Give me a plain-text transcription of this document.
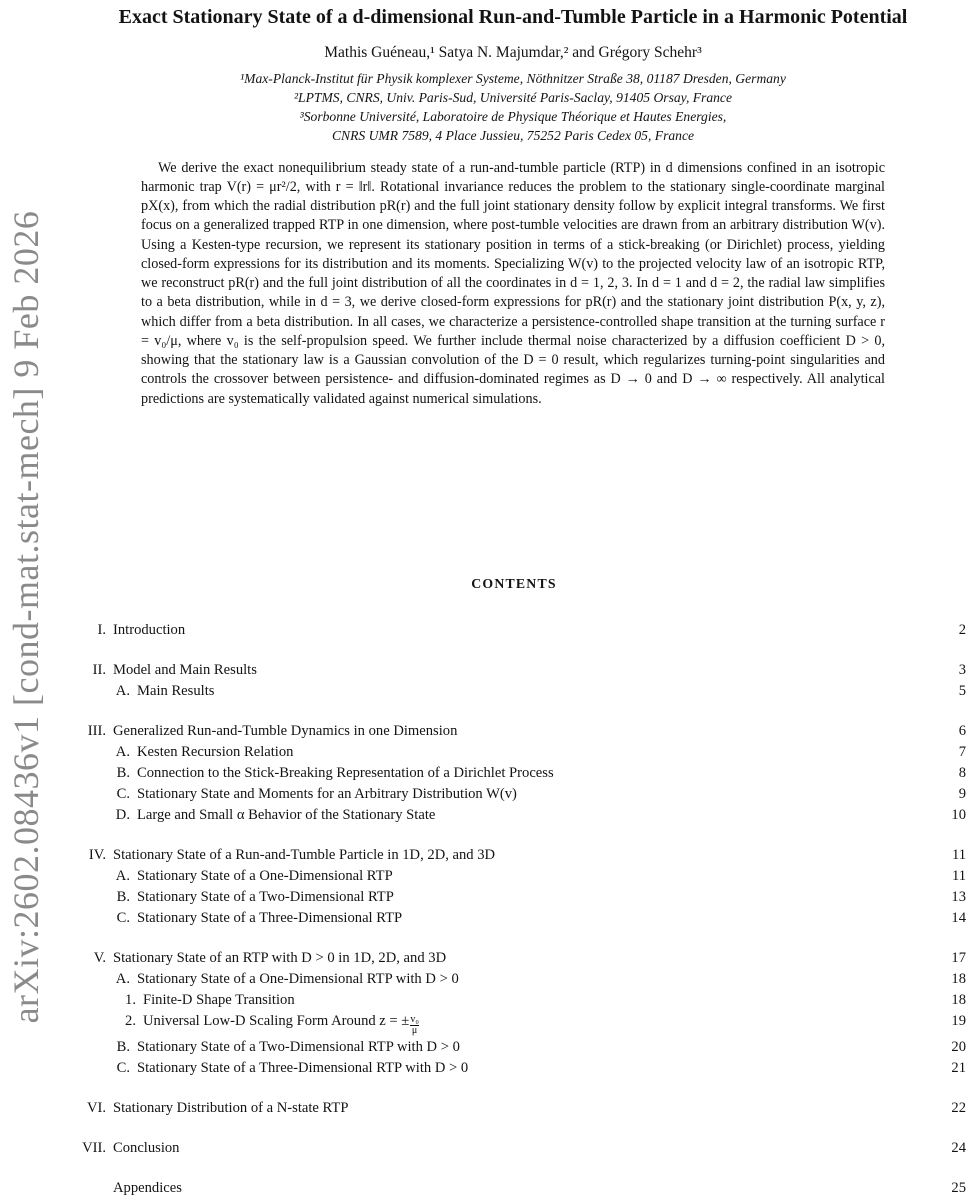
arXiv:2602.08436v1 [cond-mat.stat-mech] 9 Feb 2026
Exact Stationary State of a d-dimensional Run-and-Tumble Particle in a Harmonic Potential
Mathis Guéneau,¹ Satya N. Majumdar,² and Grégory Schehr³
¹Max-Planck-Institut für Physik komplexer Systeme, Nöthnitzer Straße 38, 01187 Dresden, Germany
²LPTMS, CNRS, Univ. Paris-Sud, Université Paris-Saclay, 91405 Orsay, France
³Sorbonne Université, Laboratoire de Physique Théorique et Hautes Energies,
CNRS UMR 7589, 4 Place Jussieu, 75252 Paris Cedex 05, France

We derive the exact nonequilibrium steady state of a run-and-tumble particle (RTP) in d dimensions confined in an isotropic harmonic trap V(r) = μr²/2, with r = ‖r‖. Rotational invariance reduces the problem to the stationary single-coordinate marginal pX(x), from which the radial distribution pR(r) and the full joint stationary density follow by explicit integral transforms. We first focus on a generalized trapped RTP in one dimension, where post-tumble velocities are drawn from an arbitrary distribution W(v). Using a Kesten-type recursion, we represent its stationary position in terms of a stick-breaking (or Dirichlet) process, yielding closed-form expressions for its distribution and its moments. Specializing W(v) to the projected velocity law of an isotropic RTP, we reconstruct pR(r) and the full joint distribution of all the coordinates in d = 1, 2, 3. In d = 1 and d = 2, the radial law simplifies to a beta distribution, while in d = 3, we derive closed-form expressions for pR(r) and the stationary joint distribution P(x, y, z), which differ from a beta distribution. In all cases, we characterize a persistence-controlled shape transition at the turning surface r = v₀/μ, where v₀ is the self-propulsion speed. We further include thermal noise characterized by a diffusion coefficient D > 0, showing that the stationary law is a Gaussian convolution of the D = 0 result, which regularizes turning-point singularities and controls the crossover between persistence- and diffusion-dominated regimes as D → 0 and D → ∞ respectively. All analytical predictions are systematically validated against numerical simulations.

CONTENTS
I. Introduction	2
II. Model and Main Results	3
A. Main Results	5
III. Generalized Run-and-Tumble Dynamics in one Dimension	6
A. Kesten Recursion Relation	7
B. Connection to the Stick-Breaking Representation of a Dirichlet Process	8
C. Stationary State and Moments for an Arbitrary Distribution W(v)	9
D. Large and Small α Behavior of the Stationary State	10
IV. Stationary State of a Run-and-Tumble Particle in 1D, 2D, and 3D	11
A. Stationary State of a One-Dimensional RTP	11
B. Stationary State of a Two-Dimensional RTP	13
C. Stationary State of a Three-Dimensional RTP	14
V. Stationary State of an RTP with D > 0 in 1D, 2D, and 3D	17
A. Stationary State of a One-Dimensional RTP with D > 0	18
1. Finite-D Shape Transition	18
2. Universal Low-D Scaling Form Around z = ± $\frac{\text{v₀}}{\mu}$	19
B. Stationary State of a Two-Dimensional RTP with D > 0	20
C. Stationary State of a Three-Dimensional RTP with D > 0	21
VI. Stationary Distribution of a N-state RTP	22
VII. Conclusion	24
Appendices	25
